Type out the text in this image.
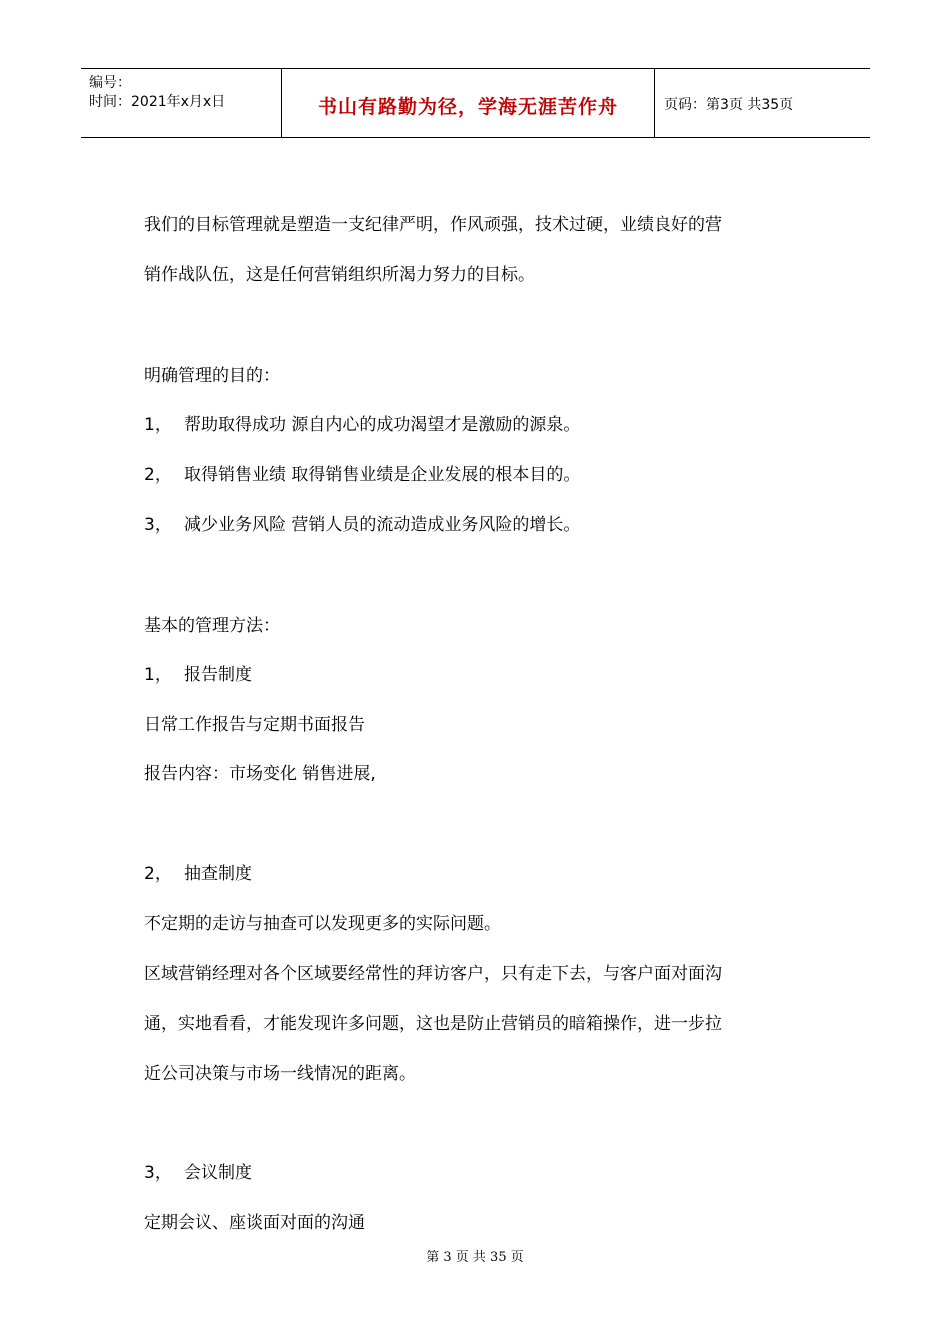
编号：
时间：2021年x月x日	书山有路勤为径，学海无涯苦作舟	页码：第3页 共35页
我们的目标管理就是塑造一支纪律严明，作风顽强，技术过硬，业绩良好的营
销作战队伍，这是任何营销组织所渴力努力的目标。
明确管理的目的：
1， 帮助取得成功 源自内心的成功渴望才是激励的源泉。
2， 取得销售业绩 取得销售业绩是企业发展的根本目的。
3， 减少业务风险 营销人员的流动造成业务风险的增长。
基本的管理方法：
1， 报告制度
日常工作报告与定期书面报告
报告内容：市场变化 销售进展,
2， 抽查制度
不定期的走访与抽查可以发现更多的实际问题。
区域营销经理对各个区域要经常性的拜访客户，只有走下去，与客户面对面沟
通，实地看看，才能发现许多问题，这也是防止营销员的暗箱操作，进一步拉
近公司决策与市场一线情况的距离。
3， 会议制度
定期会议、座谈面对面的沟通
第 3 页 共 35 页
